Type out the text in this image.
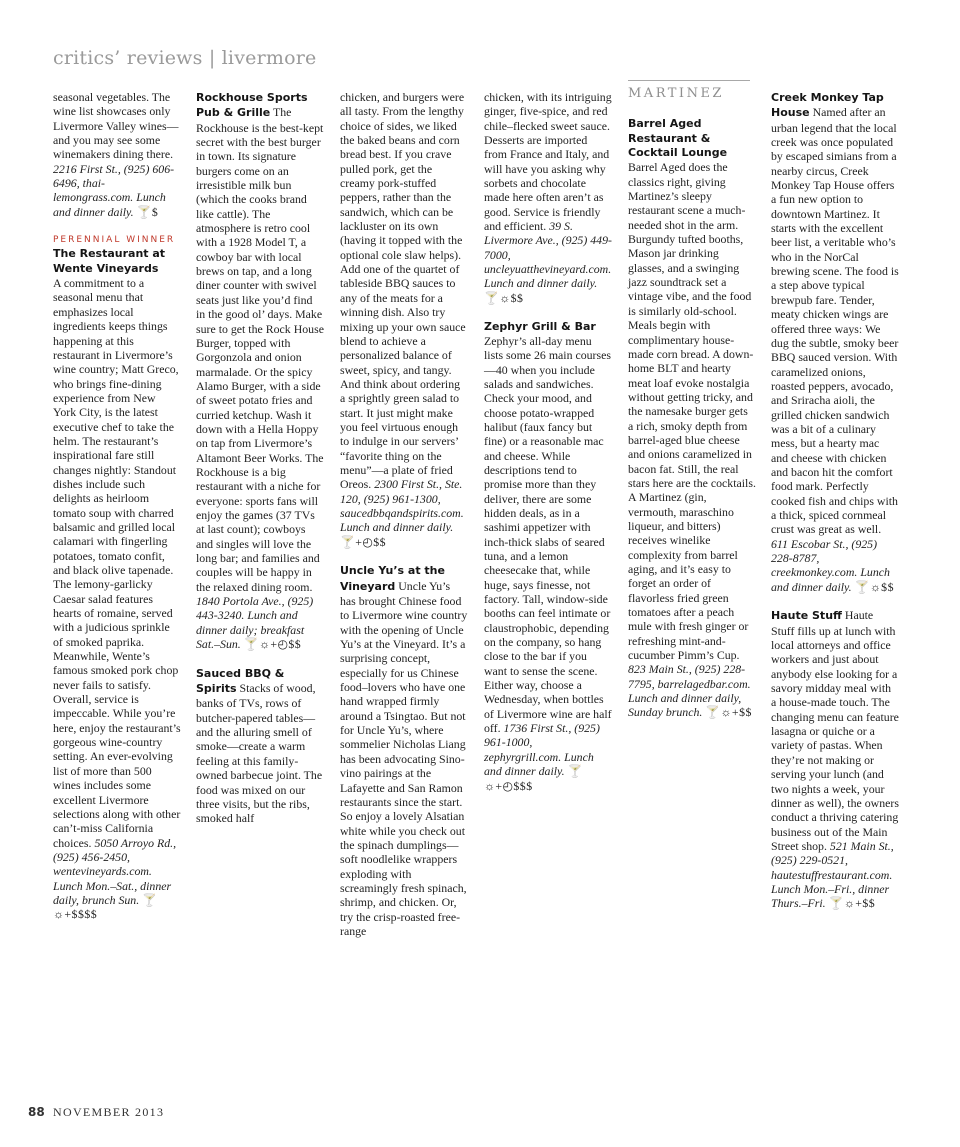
critics’ reviews | livermore

seasonal vegetables. The wine list showcases only Livermore Valley wines—and you may see some winemakers dining there. 2216 First St., (925) 606-6496, thai-lemongrass.com. Lunch and dinner daily. 🍸$

PERENNIAL WINNER

The Restaurant at Wente Vineyards
A commitment to a seasonal menu that emphasizes local ingredients keeps things happening at this restaurant in Livermore’s wine country; Matt Greco, who brings fine-dining experience from New York City, is the latest executive chef to take the helm. The restaurant’s inspirational fare still changes nightly: Standout dishes include such delights as heirloom tomato soup with charred balsamic and grilled local calamari with fingerling potatoes, tomato confit, and black olive tapenade. The lemony-garlicky Caesar salad features hearts of romaine, served with a judicious sprinkle of smoked paprika. Meanwhile, Wente’s famous smoked pork chop never fails to satisfy. Overall, service is impeccable. While you’re here, enjoy the restaurant’s gorgeous wine-country setting. An ever-evolving list of more than 500 wines includes some excellent Livermore selections along with other can’t-miss California choices. 5050 Arroyo Rd., (925) 456-2450, wentevineyards.com. Lunch Mon.–Sat., dinner daily, brunch Sun. 🍸☼+$$$$

Rockhouse Sports Pub & Grille The Rockhouse is the best-kept secret with the best burger in town. Its signature burgers come on an irresistible milk bun (which the cooks brand like cattle). The atmosphere is retro cool with a 1928 Model T, a cowboy bar with local brews on tap, and a long diner counter with swivel seats just like you’d find in the good ol’ days. Make sure to get the Rock House Burger, topped with Gorgonzola and onion marmalade. Or the spicy Alamo Burger, with a side of sweet potato fries and curried ketchup. Wash it down with a Hella Hoppy on tap from Livermore’s Altamont Beer Works. The Rockhouse is a big restaurant with a niche for everyone: sports fans will enjoy the games (37 TVs at last count); cowboys and singles will love the long bar; and families and couples will be happy in the relaxed dining room. 1840 Portola Ave., (925) 443-3240. Lunch and dinner daily; breakfast Sat.–Sun. 🍸☼+◴$$

Sauced BBQ & Spirits Stacks of wood, banks of TVs, rows of butcher-papered tables—and the alluring smell of smoke—create a warm feeling at this family-owned barbecue joint. The food was mixed on our three visits, but the ribs, smoked half

chicken, and burgers were all tasty. From the lengthy choice of sides, we liked the baked beans and corn bread best. If you crave pulled pork, get the creamy pork-stuffed peppers, rather than the sandwich, which can be lackluster on its own (having it topped with the optional cole slaw helps). Add one of the quartet of tableside BBQ sauces to any of the meats for a winning dish. Also try mixing up your own sauce blend to achieve a personalized balance of sweet, spicy, and tangy. And think about ordering a sprightly green salad to start. It just might make you feel virtuous enough to indulge in our servers’ “favorite thing on the menu”—a plate of fried Oreos. 2300 First St., Ste. 120, (925) 961-1300, saucedbbqandspirits.com. Lunch and dinner daily. 🍸+◴$$

Uncle Yu’s at the Vineyard Uncle Yu’s has brought Chinese food to Livermore wine country with the opening of Uncle Yu’s at the Vineyard. It’s a surprising concept, especially for us Chinese food–lovers who have one hand wrapped firmly around a Tsingtao. But not for Uncle Yu’s, where sommelier Nicholas Liang has been advocating Sino-vino pairings at the Lafayette and San Ramon restaurants since the start. So enjoy a lovely Alsatian white while you check out the spinach dumplings—soft noodlelike wrappers exploding with screamingly fresh spinach, shrimp, and chicken. Or, try the crisp-roasted free-range

chicken, with its intriguing ginger, five-spice, and red chile–flecked sweet sauce. Desserts are imported from France and Italy, and will have you asking why sorbets and chocolate made here often aren’t as good. Service is friendly and efficient. 39 S. Livermore Ave., (925) 449-7000, uncleyuatthevineyard.com. Lunch and dinner daily. 🍸☼$$

Zephyr Grill & Bar
Zephyr’s all-day menu lists some 26 main courses—40 when you include salads and sandwiches. Check your mood, and choose potato-wrapped halibut (faux fancy but fine) or a reasonable mac and cheese. While descriptions tend to promise more than they deliver, there are some hidden deals, as in a sashimi appetizer with inch-thick slabs of seared tuna, and a lemon cheesecake that, while huge, says finesse, not factory. Tall, window-side booths can feel intimate or claustrophobic, depending on the company, so hang close to the bar if you want to sense the scene. Either way, choose a Wednesday, when bottles of Livermore wine are half off. 1736 First St., (925) 961-1000, zephyrgrill.com. Lunch and dinner daily. 🍸☼+◴$$$

MARTINEZ

Barrel Aged Restaurant & Cocktail Lounge
Barrel Aged does the classics right, giving Martinez’s sleepy restaurant scene a much-needed shot in the arm. Burgundy tufted booths, Mason jar drinking glasses, and a swinging jazz soundtrack set a vintage vibe, and the food is similarly old-school. Meals begin with complimentary house-made corn bread. A down-home BLT and hearty meat loaf evoke nostalgia without getting tricky, and the namesake burger gets a rich, smoky depth from barrel-aged blue cheese and onions caramelized in bacon fat. Still, the real stars here are the cocktails. A Martinez (gin, vermouth, maraschino liqueur, and bitters) receives winelike complexity from barrel aging, and it’s easy to forget an order of flavorless fried green tomatoes after a peach mule with fresh ginger or refreshing mint-and-cucumber Pimm’s Cup. 823 Main St., (925) 228-7795, barrelagedbar.com. Lunch and dinner daily, Sunday brunch. 🍸☼+$$

Creek Monkey Tap House Named after an urban legend that the local creek was once populated by escaped simians from a nearby circus, Creek Monkey Tap House offers a fun new option to downtown Martinez. It starts with the excellent beer list, a veritable who’s who in the NorCal brewing scene. The food is a step above typical brewpub fare. Tender, meaty chicken wings are offered three ways: We dug the subtle, smoky beer BBQ sauced version. With caramelized onions, roasted peppers, avocado, and Sriracha aioli, the grilled chicken sandwich was a bit of a culinary mess, but a hearty mac and cheese with chicken and bacon hit the comfort food mark. Perfectly cooked fish and chips with a thick, spiced cornmeal crust was great as well. 611 Escobar St., (925) 228-8787, creekmonkey.com. Lunch and dinner daily. 🍸☼$$

Haute Stuff Haute Stuff fills up at lunch with local attorneys and office workers and just about anybody else looking for a savory midday meal with a house-made touch. The changing menu can feature lasagna or quiche or a variety of pastas. When they’re not making or serving your lunch (and two nights a week, your dinner as well), the owners conduct a thriving catering business out of the Main Street shop. 521 Main St., (925) 229-0521, hautestuffrestaurant.com. Lunch Mon.–Fri., dinner Thurs.–Fri. 🍸☼+$$

88 NOVEMBER 2013
